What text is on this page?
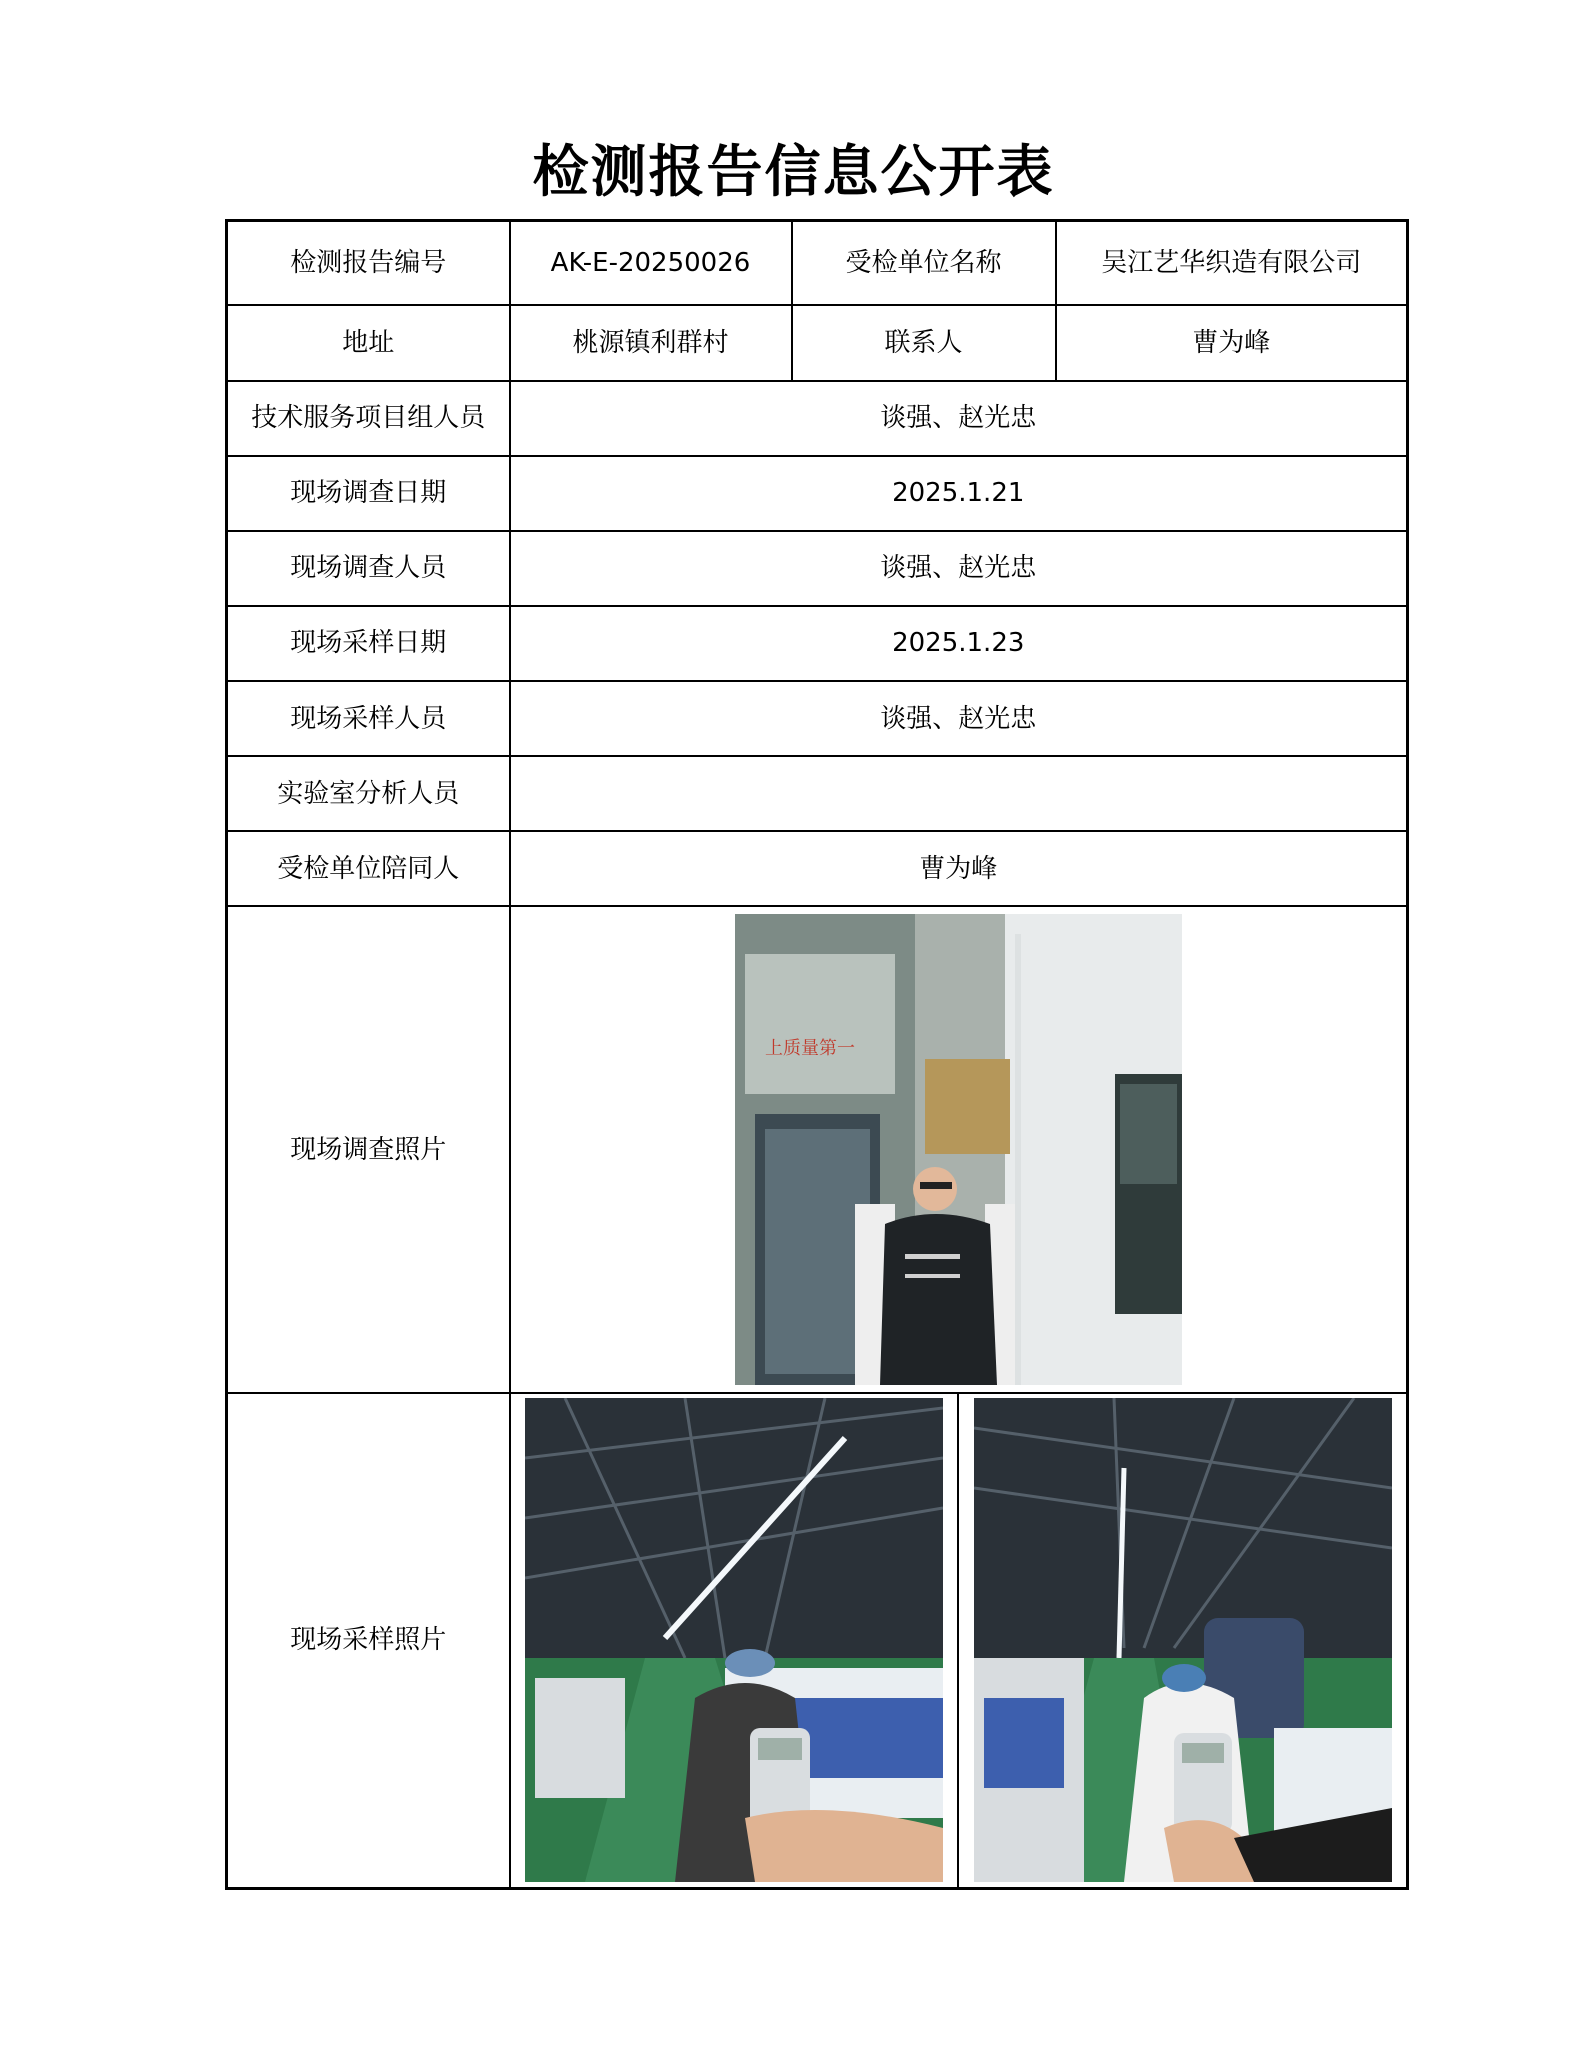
检测报告信息公开表
检测报告编号	AK-E-20250026	受检单位名称	吴江艺华织造有限公司
地址	桃源镇利群村	联系人	曹为峰
技术服务项目组人员	谈强、赵光忠		
现场调查日期	2025.1.21		
现场调查人员	谈强、赵光忠		
现场采样日期	2025.1.23		
现场采样人员	谈强、赵光忠		
实验室分析人员			
受检单位陪同人	曹为峰		
现场调查照片	上质量第一		

现场采样照片	
